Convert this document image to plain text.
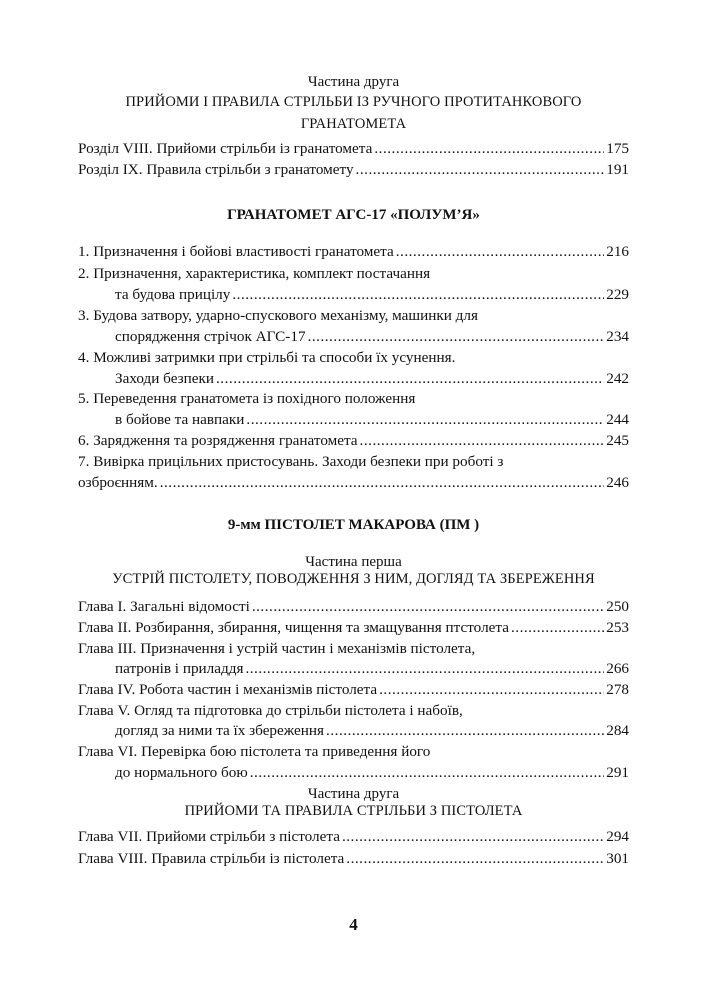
Частина друга
ПРИЙОМИ І ПРАВИЛА СТРІЛЬБИ ІЗ РУЧНОГО ПРОТИТАНКОВОГО
ГРАНАТОМЕТА
Розділ VIII. Прийоми стрільби із гранатомета .....	175
Розділ IX. Правила стрільби з гранатомету .....	191
ГРАНАТОМЕТ АГС-17 «ПОЛУМ’Я»
1. Призначення і бойові властивості гранатомета .....	216
2. Призначення, характеристика, комплект постачання
та будова прицілу .....	229
3. Будова затвору, ударно-спускового механізму, машинки для
спорядження стрічок АГС-17 .....	234
4. Можливі затримки при стрільбі та способи їх усунення.
Заходи безпеки .....	242
5. Переведення гранатомета із похідного положення
в бойове та навпаки .....	244
6. Зарядження та розрядження гранатомета .....	245
7. Вивірка прицільних пристосувань. Заходи безпеки при роботі з
озброєнням. .....	246
9-мм ПІСТОЛЕТ МАКАРОВА (ПМ )
Частина перша
УСТРІЙ ПІСТОЛЕТУ, ПОВОДЖЕННЯ З НИМ, ДОГЛЯД ТА ЗБЕРЕЖЕННЯ
Глава І. Загальні відомості .....	250
Глава ІІ. Розбирання, збирання, чищення та змащування птстолета .....	253
Глава ІІІ. Призначення і устрій частин і механізмів пістолета,
патронів і приладдя .....	266
Глава IV. Робота частин і механізмів пістолета .....	278
Глава V. Огляд та підготовка до стрільби пістолета і набоїв,
догляд за ними та їх збереження .....	284
Глава VI. Перевірка бою пістолета та приведення його
до нормального бою .....	291
Частина друга
ПРИЙОМИ ТА ПРАВИЛА СТРІЛЬБИ З ПІСТОЛЕТА
Глава VII. Прийоми стрільби з пістолета .....	294
Глава VIII. Правила стрільби із пістолета .....	301
4
